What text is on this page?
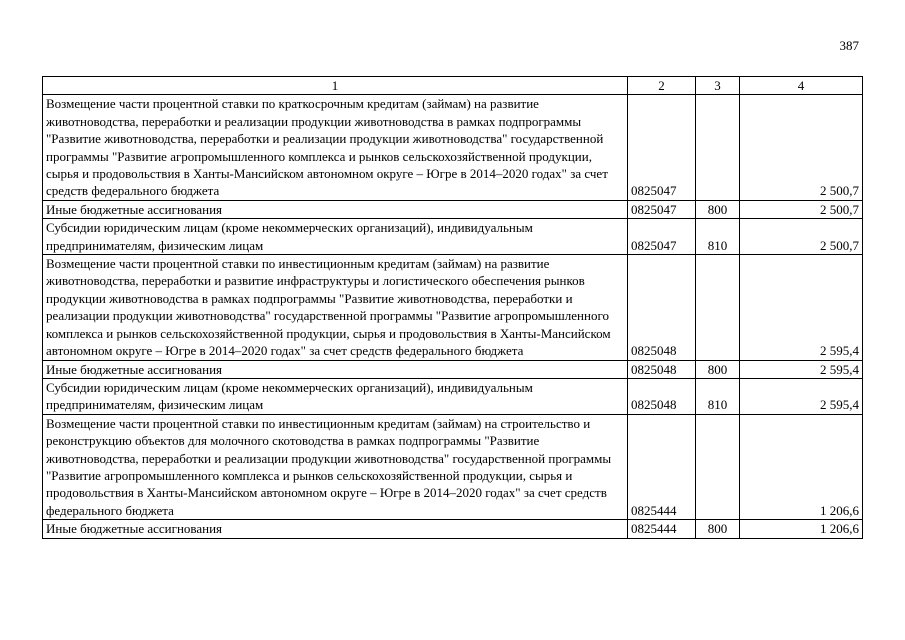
387
1	2	3	4
Возмещение части процентной ставки по краткосрочным кредитам (займам) на развитие животноводства, переработки и реализации продукции животноводства в рамках подпрограммы "Развитие животноводства, переработки и реализации продукции животноводства" государственной программы "Развитие агропромышленного комплекса и рынков сельскохозяйственной продукции, сырья и продовольствия в Ханты-Мансийском автономном округе – Югре в 2014–2020 годах" за счет средств федерального бюджета	0825047		2 500,7
Иные бюджетные ассигнования	0825047	800	2 500,7
Субсидии юридическим лицам (кроме некоммерческих организаций), индивидуальным предпринимателям, физическим лицам	0825047	810	2 500,7
Возмещение части процентной ставки по инвестиционным кредитам (займам) на развитие животноводства, переработки и развитие инфраструктуры и логистического обеспечения рынков продукции животноводства в рамках подпрограммы "Развитие животноводства, переработки и реализации продукции животноводства" государственной программы "Развитие агропромышленного комплекса и рынков сельскохозяйственной продукции, сырья и продовольствия в Ханты-Мансийском автономном округе – Югре в 2014–2020 годах" за счет средств федерального бюджета	0825048		2 595,4
Иные бюджетные ассигнования	0825048	800	2 595,4
Субсидии юридическим лицам (кроме некоммерческих организаций), индивидуальным предпринимателям, физическим лицам	0825048	810	2 595,4
Возмещение части процентной ставки по инвестиционным кредитам (займам) на строительство и реконструкцию объектов для молочного скотоводства в рамках подпрограммы "Развитие животноводства, переработки и реализации продукции животноводства" государственной программы "Развитие агропромышленного комплекса и рынков сельскохозяйственной продукции, сырья и продовольствия в Ханты-Мансийском автономном округе – Югре в 2014–2020 годах" за счет средств федерального бюджета	0825444		1 206,6
Иные бюджетные ассигнования	0825444	800	1 206,6
